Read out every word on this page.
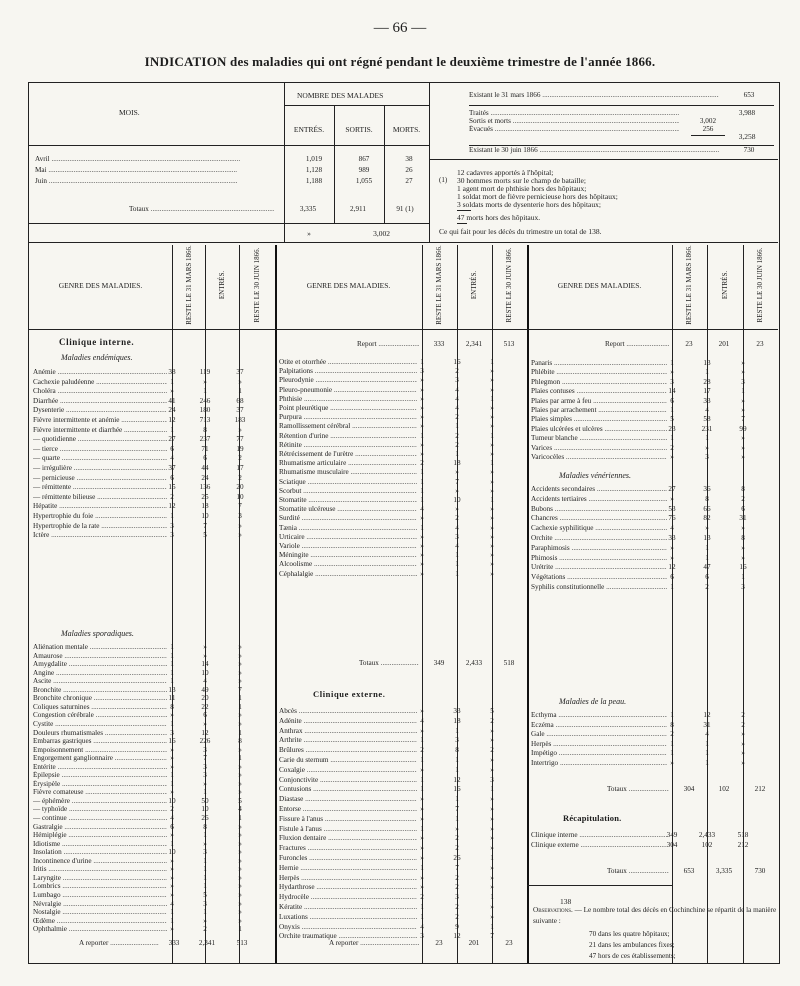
— 66 —
INDICATION des maladies qui ont régné pendant le deuxième trimestre de l'année 1866.
MOIS.
NOMBRE DES MALADES
ENTRÉS.	SORTIS.	MORTS.
Avril .....	1,019	867	38
Mai .....	1,128	989	26
Juin .....	1,188	1,055	27
Totaux .....	3,335	2,911	91 (1)
»	3,002
Existant le 31 mars 1866 .....	653
Traités .....	3,988
Sortis et morts .....	3,002
Évacués .....	256
3,258
Existant le 30 juin 1866 .....	730
(1)
12 cadavres apportés à l'hôpital;
30 hommes morts sur le champ de bataille;
1 agent mort de phthisie hors des hôpitaux;
1 soldat mort de fièvre pernicieuse hors des hôpitaux;
3 soldats morts de dysenterie hors des hôpitaux;
47 morts hors des hôpitaux.
Ce qui fait pour les décès du trimestre un total de 138.
GENRE DES MALADIES.	RESTE LE 31 MARS 1866.	ENTRÉS.	RESTE LE 30 JUIN 1866.	GENRE DES MALADIES.	RESTE LE 31 MARS 1866.	ENTRÉS.	RESTE LE 30 JUIN 1866.	GENRE DES MALADIES.	RESTE LE 31 MARS 1866.	ENTRÉS.	RESTE LE 30 JUIN 1866.
Clinique interne.
Maladies endémiques.
Anémie .....	38	119	37
Cachexie paludéenne .....	1	»	»
Choléra .....	»	1	1
Diarrhée .....	41	246	68
Dysenterie .....	24	180	37
Fièvre intermittente et anémie .....	12	713	183
Fièvre intermittente et diarrhée .....	1	8	»
— quotidienne .....	27	237	77
— tierce .....	6	71	19
— quarte .....	4	6	2
— irrégulière .....	37	44	17
— pernicieuse .....	6	24	2
— rémittente .....	15	136	20
— rémittente bilieuse .....	2	25	10
Hépatite .....	12	18	7
Hypertrophie du foie .....	1	10	3
Hypertrophie de la rate .....	3	7	»
Ictère .....	3	5	»
Maladies sporadiques.
Aliénation mentale .....	1	»	»
Amaurose .....	1	»	»
Amygdalite .....	1	14	»
Angine .....	1	10	»
Ascite .....	1	4	»
Bronchite .....	13	49	7
Bronchite chronique .....	11	20	1
Coliques saturnines .....	8	22	1
Congestion cérébrale .....	»	6	»
Cystite .....	1	»	»
Douleurs rhumatismales .....	3	12	1
Embarras gastriques .....	16	226	8
Empoisonnement .....	»	3	»
Engorgement ganglionnaire .....	»	7	1
Entérite .....	»	3	»
Épilepsie .....	1	3	»
Érysipèle .....	1	»	»
Fièvre comateuse .....	»	1	»
— éphémère .....	10	50	5
— typhoïde .....	2	10	4
— continue .....	4	26	1
Gastralgie .....	6	8	»
Hémiplégie .....	»	1	»
Idiotisme .....	1	»	»
Insolation .....	10	3	»
Incontinence d'urine .....	»	1	»
Iritis .....	»	1	»
Laryngite .....	»	1	»
Lombrics .....	»	1	»
Lumbago .....	»	5	»
Névralgie .....	4	3	»
Nostalgie .....	1	1	»
Œdème .....	1	»	»
Ophthalmie .....	»	2	1
A reporter .....	333	2,341	513
Report .....	333	2,341	513
Otite et otorrhée .....	1	16	1
Palpitations .....	3	2	»
Pleurodynie .....	»	3	»
Pleuro-pneumonie .....	»	4	»
Phthisie .....	»	4	1
Point pleurétique .....	»	4	»
Purpura .....	»	2	»
Ramollissement cérébral .....	»	1	»
Rétention d'urine .....	1	2	1
Rétinite .....	»	2	»
Rétrécissement de l'urètre .....	»	1	»
Rhumatisme articulaire .....	2	18	1
Rhumatisme musculaire .....	1	»	»
Sciatique .....	1	7	»
Scorbut .....	1	»	»
Stomatite .....	1	10	1
Stomatite ulcéreuse .....	4	»	»
Surdité .....	»	2	»
Tænia .....	1	4	»
Urticaire .....	»	3	»
Variole .....	»	4	»
Méningite .....	»	1	»
Alcoolisme .....	»	1	»
Céphalalgie .....	»	1	»
Totaux .....	349	2,433	518
Clinique externe.
Abcès .....	»	33	5
Adénite .....	4	18	2
Anthrax .....	»	1	»
Arthrite .....	1	3	»
Brûlures .....	2	8	2
Carie du sternum .....	1	1	»
Coxalgie .....	»	1	»
Conjonctivite .....	1	12	3
Contusions .....	1	16	1
Diastase .....	»	1	»
Entorse .....	»	7	»
Fissure à l'anus .....	»	1	»
Fistule à l'anus .....	1	»	»
Fluxion dentaire .....	»	2	»
Fractures .....	»	2	»
Furoncles .....	»	26	1
Hernie .....	1	7	»
Herpès .....	»	2	»
Hydarthrose .....	»	2	»
Hydrocèle .....	2	3	1
Kératite .....	1	2	»
Luxations .....	1	2	»
Onyxis .....	4	9	1
Orchite traumatique .....	3	12	7
A reporter .....	23	201	23
Report .....	23	201	23
Panaris .....	1	13	»
Phlébite .....	»	1	»
Phlegmon .....	3	28	3
Plaies contuses .....	14	17	1
Plaies par arme à feu .....	6	33	»
Plaies par arrachement .....	1	4	»
Plaies simples .....	5	58	7
Plaies ulcérées et ulcères .....	23	231	99
Tumeur blanche .....	1	1	»
Varices .....	2	»	»
Varicocèles .....	»	3	»
Maladies vénériennes.
Accidents secondaires .....	27	36	8
Accidents tertiaires .....	»	8	2
Bubons .....	53	66	6
Chancres .....	76	82	31
Cachexie syphilitique .....	4	»	»
Orchite .....	33	13	8
Paraphimosis .....	»	1	»
Phimosis .....	»	1	»
Urétrite .....	12	47	16
Végétations .....	6	6	1
Syphilis constitutionnelle .....	1	2	3
Maladies de la peau.
Ecthyma .....	1	12	2
Eczéma .....	8	31	2
Gale .....	2	4	»
Herpès .....	1	1	»
Impétigo .....	1	1	»
Intertrigo .....	»	1	»
Totaux .....	304	102	212
Récapitulation.
Clinique interne .....	349	2,433	518
Clinique externe .....	304	102	212
Totaux .....	653	3,335	730
Observations. — Le nombre total des décès en Cochinchine se répartit de la manière suivante :
70 dans les quatre hôpitaux;
21 dans les ambulances fixes;
47 hors de ces établissements;
138
